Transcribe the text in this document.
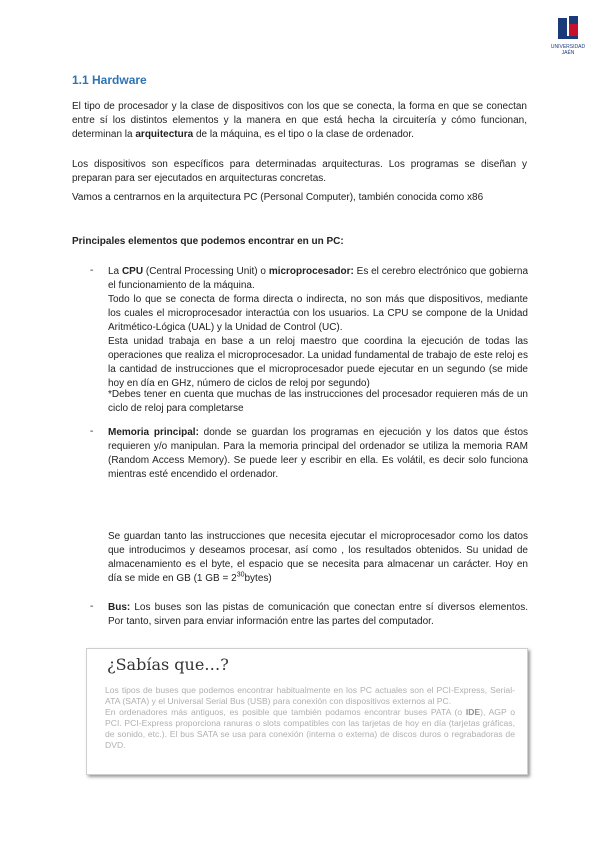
UNIVERSIDAD
JAÉN
1.1 Hardware
El tipo de procesador y la clase de dispositivos con los que se conecta, la forma en que se conectan entre sí los distintos elementos y la manera en que está hecha la circuitería y cómo funcionan, determinan la arquitectura de la máquina, es el tipo o la clase de ordenador.
Los dispositivos son específicos para determinadas arquitecturas. Los programas se diseñan y preparan para ser ejecutados en arquitecturas concretas.
Vamos a centrarnos en la arquitectura PC (Personal Computer), también conocida como x86
Principales elementos que podemos encontrar en un PC:
- La CPU (Central Processing Unit) o microprocesador: Es el cerebro electrónico que gobierna el funcionamiento de la máquina.
Todo lo que se conecta de forma directa o indirecta, no son más que dispositivos, mediante los cuales el microprocesador interactúa con los usuarios. La CPU se compone de la Unidad Aritmético-Lógica (UAL) y la Unidad de Control (UC).
Esta unidad trabaja en base a un reloj maestro que coordina la ejecución de todas las operaciones que realiza el microprocesador. La unidad fundamental de trabajo de este reloj es la cantidad de instrucciones que el microprocesador puede ejecutar en un segundo (se mide hoy en día en GHz, número de ciclos de reloj por segundo)
*Debes tener en cuenta que muchas de las instrucciones del procesador requieren más de un ciclo de reloj para completarse
- Memoria principal: donde se guardan los programas en ejecución y los datos que éstos requieren y/o manipulan. Para la memoria principal del ordenador se utiliza la memoria RAM (Random Access Memory). Se puede leer y escribir en ella. Es volátil, es decir solo funciona mientras esté encendido el ordenador.
Se guardan tanto las instrucciones que necesita ejecutar el microprocesador como los datos que introducimos y deseamos procesar, así como , los resultados obtenidos. Su unidad de almacenamiento es el byte, el espacio que se necesita para almacenar un carácter. Hoy en día se mide en GB (1 GB = $2^{30}bytes$)
- Bus: Los buses son las pistas de comunicación que conectan entre sí diversos elementos. Por tanto, sirven para enviar información entre las partes del computador.
¿Sabías que…?
Los tipos de buses que podemos encontrar habitualmente en los PC actuales son el PCI-Express, Serial-ATA (SATA) y el Universal Serial Bus (USB) para conexión con dispositivos externos al PC.
En ordenadores más antiguos, es posible que también podamos encontrar buses PATA (o IDE), AGP o PCI. PCI-Express proporciona ranuras o slots compatibles con las tarjetas de hoy en día (tarjetas gráficas, de sonido, etc.). El bus SATA se usa para conexión (interna o externa) de discos duros o regrabadoras de DVD.
